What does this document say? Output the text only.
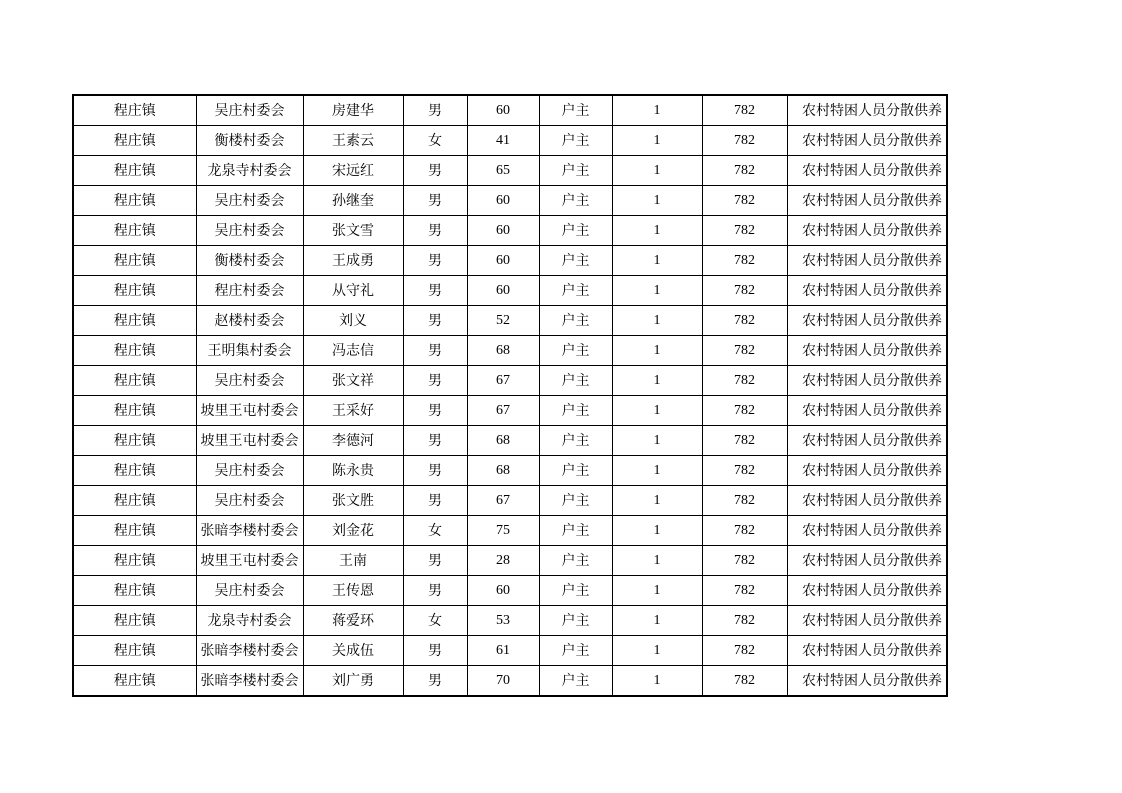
程庄镇	吴庄村委会	房建华	男	60	户主	1	782	农村特困人员分散供养
程庄镇	衡楼村委会	王素云	女	41	户主	1	782	农村特困人员分散供养
程庄镇	龙泉寺村委会	宋远红	男	65	户主	1	782	农村特困人员分散供养
程庄镇	吴庄村委会	孙继奎	男	60	户主	1	782	农村特困人员分散供养
程庄镇	吴庄村委会	张文雪	男	60	户主	1	782	农村特困人员分散供养
程庄镇	衡楼村委会	王成勇	男	60	户主	1	782	农村特困人员分散供养
程庄镇	程庄村委会	从守礼	男	60	户主	1	782	农村特困人员分散供养
程庄镇	赵楼村委会	刘义	男	52	户主	1	782	农村特困人员分散供养
程庄镇	王明集村委会	冯志信	男	68	户主	1	782	农村特困人员分散供养
程庄镇	吴庄村委会	张文祥	男	67	户主	1	782	农村特困人员分散供养
程庄镇	坡里王屯村委会	王采好	男	67	户主	1	782	农村特困人员分散供养
程庄镇	坡里王屯村委会	李德河	男	68	户主	1	782	农村特困人员分散供养
程庄镇	吴庄村委会	陈永贵	男	68	户主	1	782	农村特困人员分散供养
程庄镇	吴庄村委会	张文胜	男	67	户主	1	782	农村特困人员分散供养
程庄镇	张暗李楼村委会	刘金花	女	75	户主	1	782	农村特困人员分散供养
程庄镇	坡里王屯村委会	王南	男	28	户主	1	782	农村特困人员分散供养
程庄镇	吴庄村委会	王传恩	男	60	户主	1	782	农村特困人员分散供养
程庄镇	龙泉寺村委会	蒋爱环	女	53	户主	1	782	农村特困人员分散供养
程庄镇	张暗李楼村委会	关成伍	男	61	户主	1	782	农村特困人员分散供养
程庄镇	张暗李楼村委会	刘广勇	男	70	户主	1	782	农村特困人员分散供养
